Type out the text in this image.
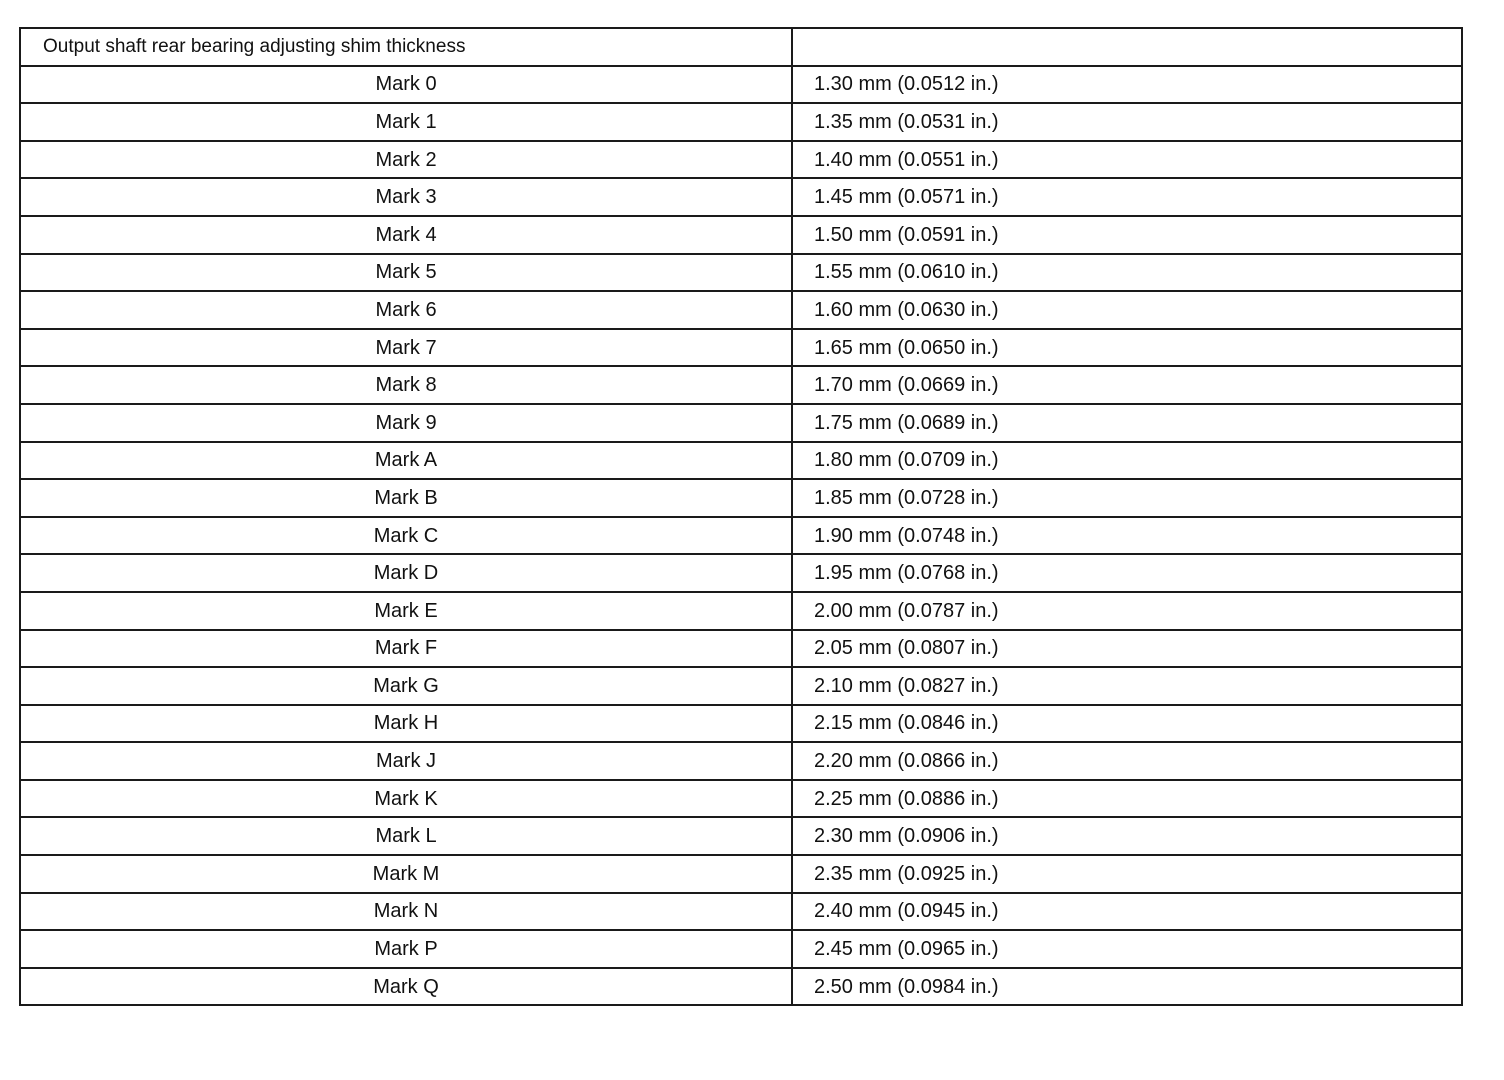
Output shaft rear bearing adjusting shim thickness	
Mark 0	1.30 mm (0.0512 in.)
Mark 1	1.35 mm (0.0531 in.)
Mark 2	1.40 mm (0.0551 in.)
Mark 3	1.45 mm (0.0571 in.)
Mark 4	1.50 mm (0.0591 in.)
Mark 5	1.55 mm (0.0610 in.)
Mark 6	1.60 mm (0.0630 in.)
Mark 7	1.65 mm (0.0650 in.)
Mark 8	1.70 mm (0.0669 in.)
Mark 9	1.75 mm (0.0689 in.)
Mark A	1.80 mm (0.0709 in.)
Mark B	1.85 mm (0.0728 in.)
Mark C	1.90 mm (0.0748 in.)
Mark D	1.95 mm (0.0768 in.)
Mark E	2.00 mm (0.0787 in.)
Mark F	2.05 mm (0.0807 in.)
Mark G	2.10 mm (0.0827 in.)
Mark H	2.15 mm (0.0846 in.)
Mark J	2.20 mm (0.0866 in.)
Mark K	2.25 mm (0.0886 in.)
Mark L	2.30 mm (0.0906 in.)
Mark M	2.35 mm (0.0925 in.)
Mark N	2.40 mm (0.0945 in.)
Mark P	2.45 mm (0.0965 in.)
Mark Q	2.50 mm (0.0984 in.)
